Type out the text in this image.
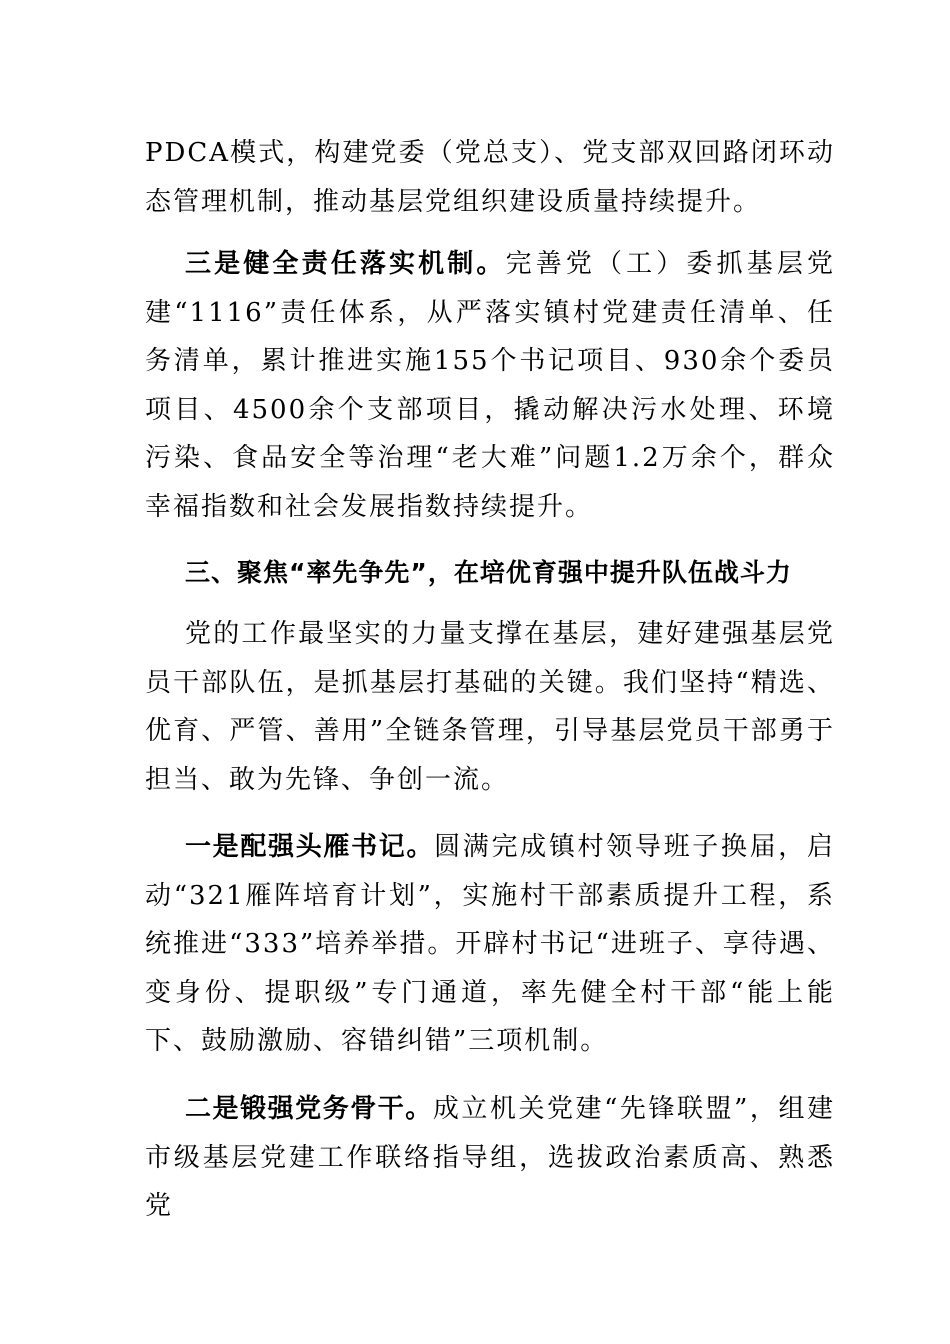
PDCA模式，构建党委（党总支）、党支部双回路闭环动态管理机制，推动基层党组织建设质量持续提升。

三是健全责任落实机制。完善党（工）委抓基层党建“1116”责任体系，从严落实镇村党建责任清单、任务清单，累计推进实施155个书记项目、930余个委员项目、4500余个支部项目，撬动解决污水处理、环境污染、食品安全等治理“老大难”问题1.2万余个，群众幸福指数和社会发展指数持续提升。

三、聚焦“率先争先”，在培优育强中提升队伍战斗力

党的工作最坚实的力量支撑在基层，建好建强基层党员干部队伍，是抓基层打基础的关键。我们坚持“精选、优育、严管、善用”全链条管理，引导基层党员干部勇于担当、敢为先锋、争创一流。

一是配强头雁书记。圆满完成镇村领导班子换届，启动“321雁阵培育计划”，实施村干部素质提升工程，系统推进“333”培养举措。开辟村书记“进班子、享待遇、变身份、提职级”专门通道，率先健全村干部“能上能下、鼓励激励、容错纠错”三项机制。

二是锻强党务骨干。成立机关党建“先锋联盟”，组建市级基层党建工作联络指导组，选拔政治素质高、熟悉党
